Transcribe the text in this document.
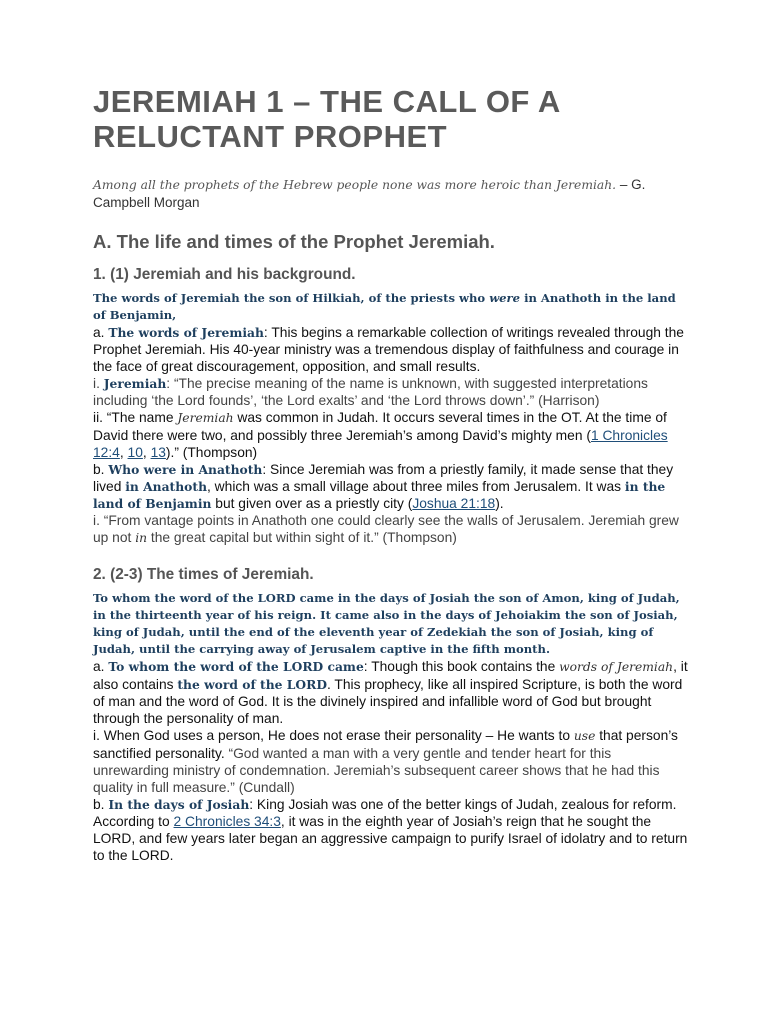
JEREMIAH 1 – THE CALL OF A RELUCTANT PROPHET

Among all the prophets of the Hebrew people none was more heroic than Jeremiah. – G. Campbell Morgan

A. The life and times of the Prophet Jeremiah.
1. (1) Jeremiah and his background.

The words of Jeremiah the son of Hilkiah, of the priests who were in Anathoth in the land of Benjamin,

a. The words of Jeremiah: This begins a remarkable collection of writings revealed through the Prophet Jeremiah. His 40-year ministry was a tremendous display of faithfulness and courage in the face of great discouragement, opposition, and small results.

i. Jeremiah: “The precise meaning of the name is unknown, with suggested interpretations including ‘the Lord founds’, ‘the Lord exalts’ and ‘the Lord throws down’.” (Harrison)

ii. “The name Jeremiah was common in Judah. It occurs several times in the OT. At the time of David there were two, and possibly three Jeremiah’s among David’s mighty men (1 Chronicles 12:4, 10, 13).” (Thompson)

b. Who were in Anathoth: Since Jeremiah was from a priestly family, it made sense that they lived in Anathoth, which was a small village about three miles from Jerusalem. It was in the land of Benjamin but given over as a priestly city (Joshua 21:18).

i. “From vantage points in Anathoth one could clearly see the walls of Jerusalem. Jeremiah grew up not in the great capital but within sight of it.” (Thompson)

2. (2-3) The times of Jeremiah.

To whom the word of the LORD came in the days of Josiah the son of Amon, king of Judah, in the thirteenth year of his reign. It came also in the days of Jehoiakim the son of Josiah, king of Judah, until the end of the eleventh year of Zedekiah the son of Josiah, king of Judah, until the carrying away of Jerusalem captive in the fifth month.

a. To whom the word of the LORD came: Though this book contains the words of Jeremiah, it also contains the word of the LORD. This prophecy, like all inspired Scripture, is both the word of man and the word of God. It is the divinely inspired and infallible word of God but brought through the personality of man.

i. When God uses a person, He does not erase their personality – He wants to use that person’s sanctified personality. “God wanted a man with a very gentle and tender heart for this unrewarding ministry of condemnation. Jeremiah’s subsequent career shows that he had this quality in full measure.” (Cundall)

b. In the days of Josiah: King Josiah was one of the better kings of Judah, zealous for reform. According to 2 Chronicles 34:3, it was in the eighth year of Josiah’s reign that he sought the LORD, and few years later began an aggressive campaign to purify Israel of idolatry and to return to the LORD.
